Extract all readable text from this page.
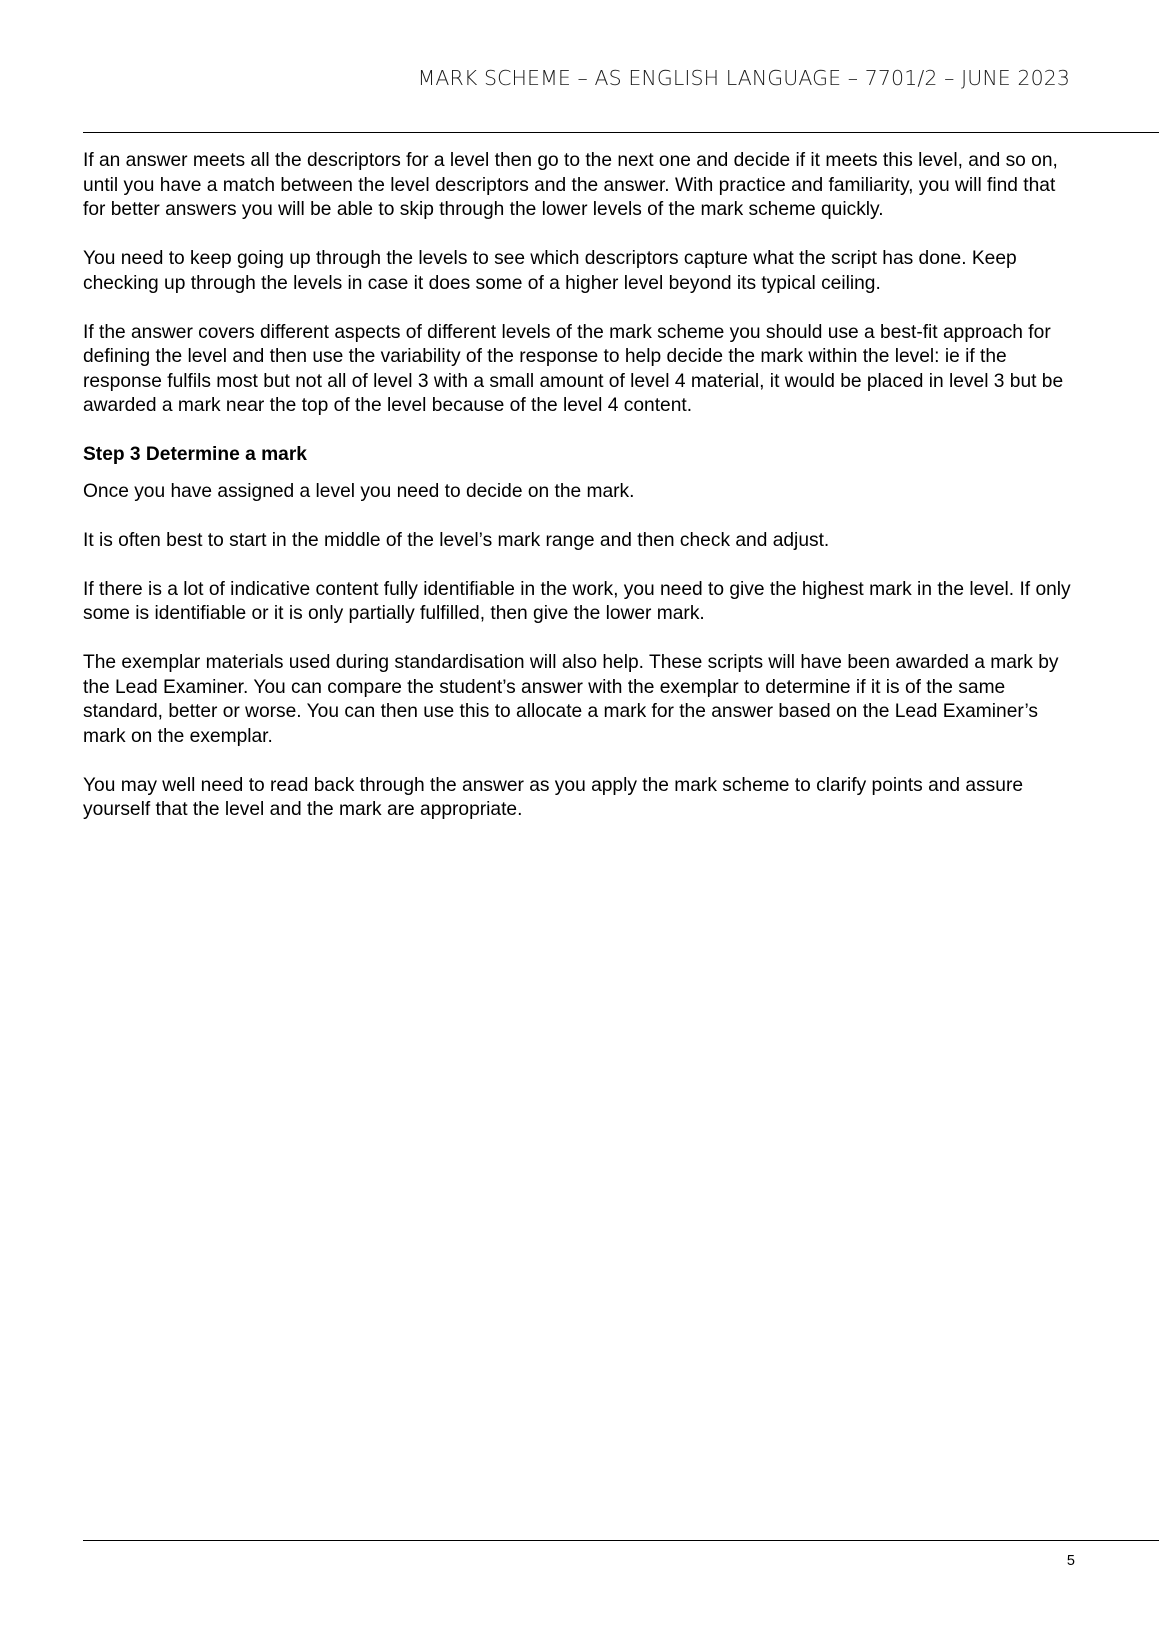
MARK SCHEME – AS ENGLISH LANGUAGE – 7701/2 – JUNE 2023

If an answer meets all the descriptors for a level then go to the next one and decide if it meets this level, and so on, until you have a match between the level descriptors and the answer. With practice and familiarity, you will find that for better answers you will be able to skip through the lower levels of the mark scheme quickly.

You need to keep going up through the levels to see which descriptors capture what the script has done. Keep checking up through the levels in case it does some of a higher level beyond its typical ceiling.

If the answer covers different aspects of different levels of the mark scheme you should use a best-fit approach for defining the level and then use the variability of the response to help decide the mark within the level: ie if the response fulfils most but not all of level 3 with a small amount of level 4 material, it would be placed in level 3 but be awarded a mark near the top of the level because of the level 4 content.

Step 3 Determine a mark

Once you have assigned a level you need to decide on the mark.

It is often best to start in the middle of the level’s mark range and then check and adjust.

If there is a lot of indicative content fully identifiable in the work, you need to give the highest mark in the level. If only some is identifiable or it is only partially fulfilled, then give the lower mark.

The exemplar materials used during standardisation will also help. These scripts will have been awarded a mark by the Lead Examiner. You can compare the student’s answer with the exemplar to determine if it is of the same standard, better or worse. You can then use this to allocate a mark for the answer based on the Lead Examiner’s mark on the exemplar.

You may well need to read back through the answer as you apply the mark scheme to clarify points and assure yourself that the level and the mark are appropriate.

5
